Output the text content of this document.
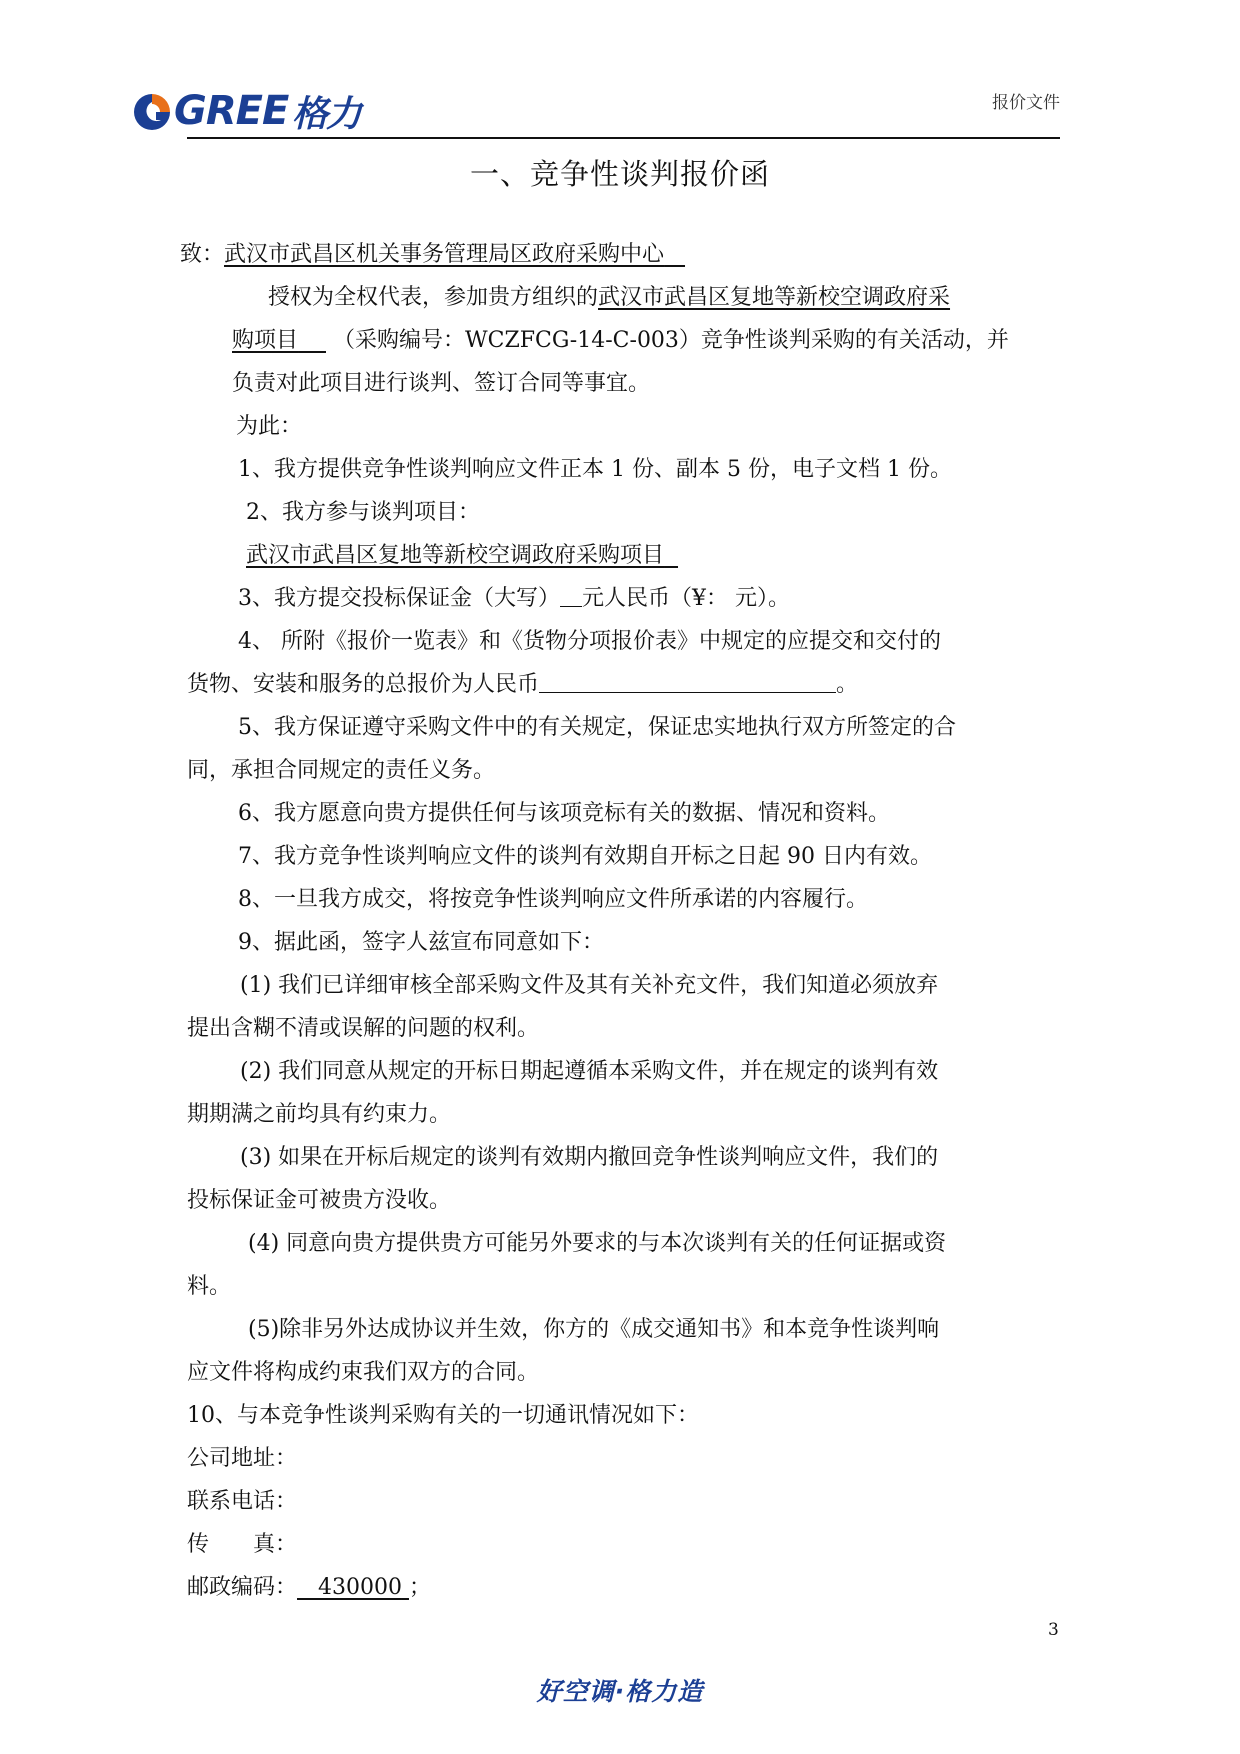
GREE 格力	报价文件
一、竞争性谈判报价函
致：武汉市武昌区机关事务管理局区政府采购中心
授权为全权代表，参加贵方组织的武汉市武昌区复地等新校空调政府采
购项目 （采购编号：WCZFCG-14-C-003）竞争性谈判采购的有关活动，并
负责对此项目进行谈判、签订合同等事宜。
为此：
1、我方提供竞争性谈判响应文件正本 1 份、副本 5 份，电子文档 1 份。
2、我方参与谈判项目：
武汉市武昌区复地等新校空调政府采购项目
3、我方提交投标保证金（大写） 元人民币（¥： 元）。
4、 所附《报价一览表》和《货物分项报价表》中规定的应提交和交付的
货物、安装和服务的总报价为人民币	。
5、我方保证遵守采购文件中的有关规定，保证忠实地执行双方所签定的合
同，承担合同规定的责任义务。
6、我方愿意向贵方提供任何与该项竞标有关的数据、情况和资料。
7、我方竞争性谈判响应文件的谈判有效期自开标之日起 90 日内有效。
8、一旦我方成交，将按竞争性谈判响应文件所承诺的内容履行。
9、据此函，签字人兹宣布同意如下：
(1) 我们已详细审核全部采购文件及其有关补充文件，我们知道必须放弃
提出含糊不清或误解的问题的权利。
(2) 我们同意从规定的开标日期起遵循本采购文件，并在规定的谈判有效
期期满之前均具有约束力。
(3) 如果在开标后规定的谈判有效期内撤回竞争性谈判响应文件，我们的
投标保证金可被贵方没收。
(4) 同意向贵方提供贵方可能另外要求的与本次谈判有关的任何证据或资
料。
(5)除非另外达成协议并生效，你方的《成交通知书》和本竞争性谈判响
应文件将构成约束我们双方的合同。
10、与本竞争性谈判采购有关的一切通讯情况如下：
公司地址：
联系电话：
传　　真：
邮政编码： 430000 ；
3
好空调·格力造
